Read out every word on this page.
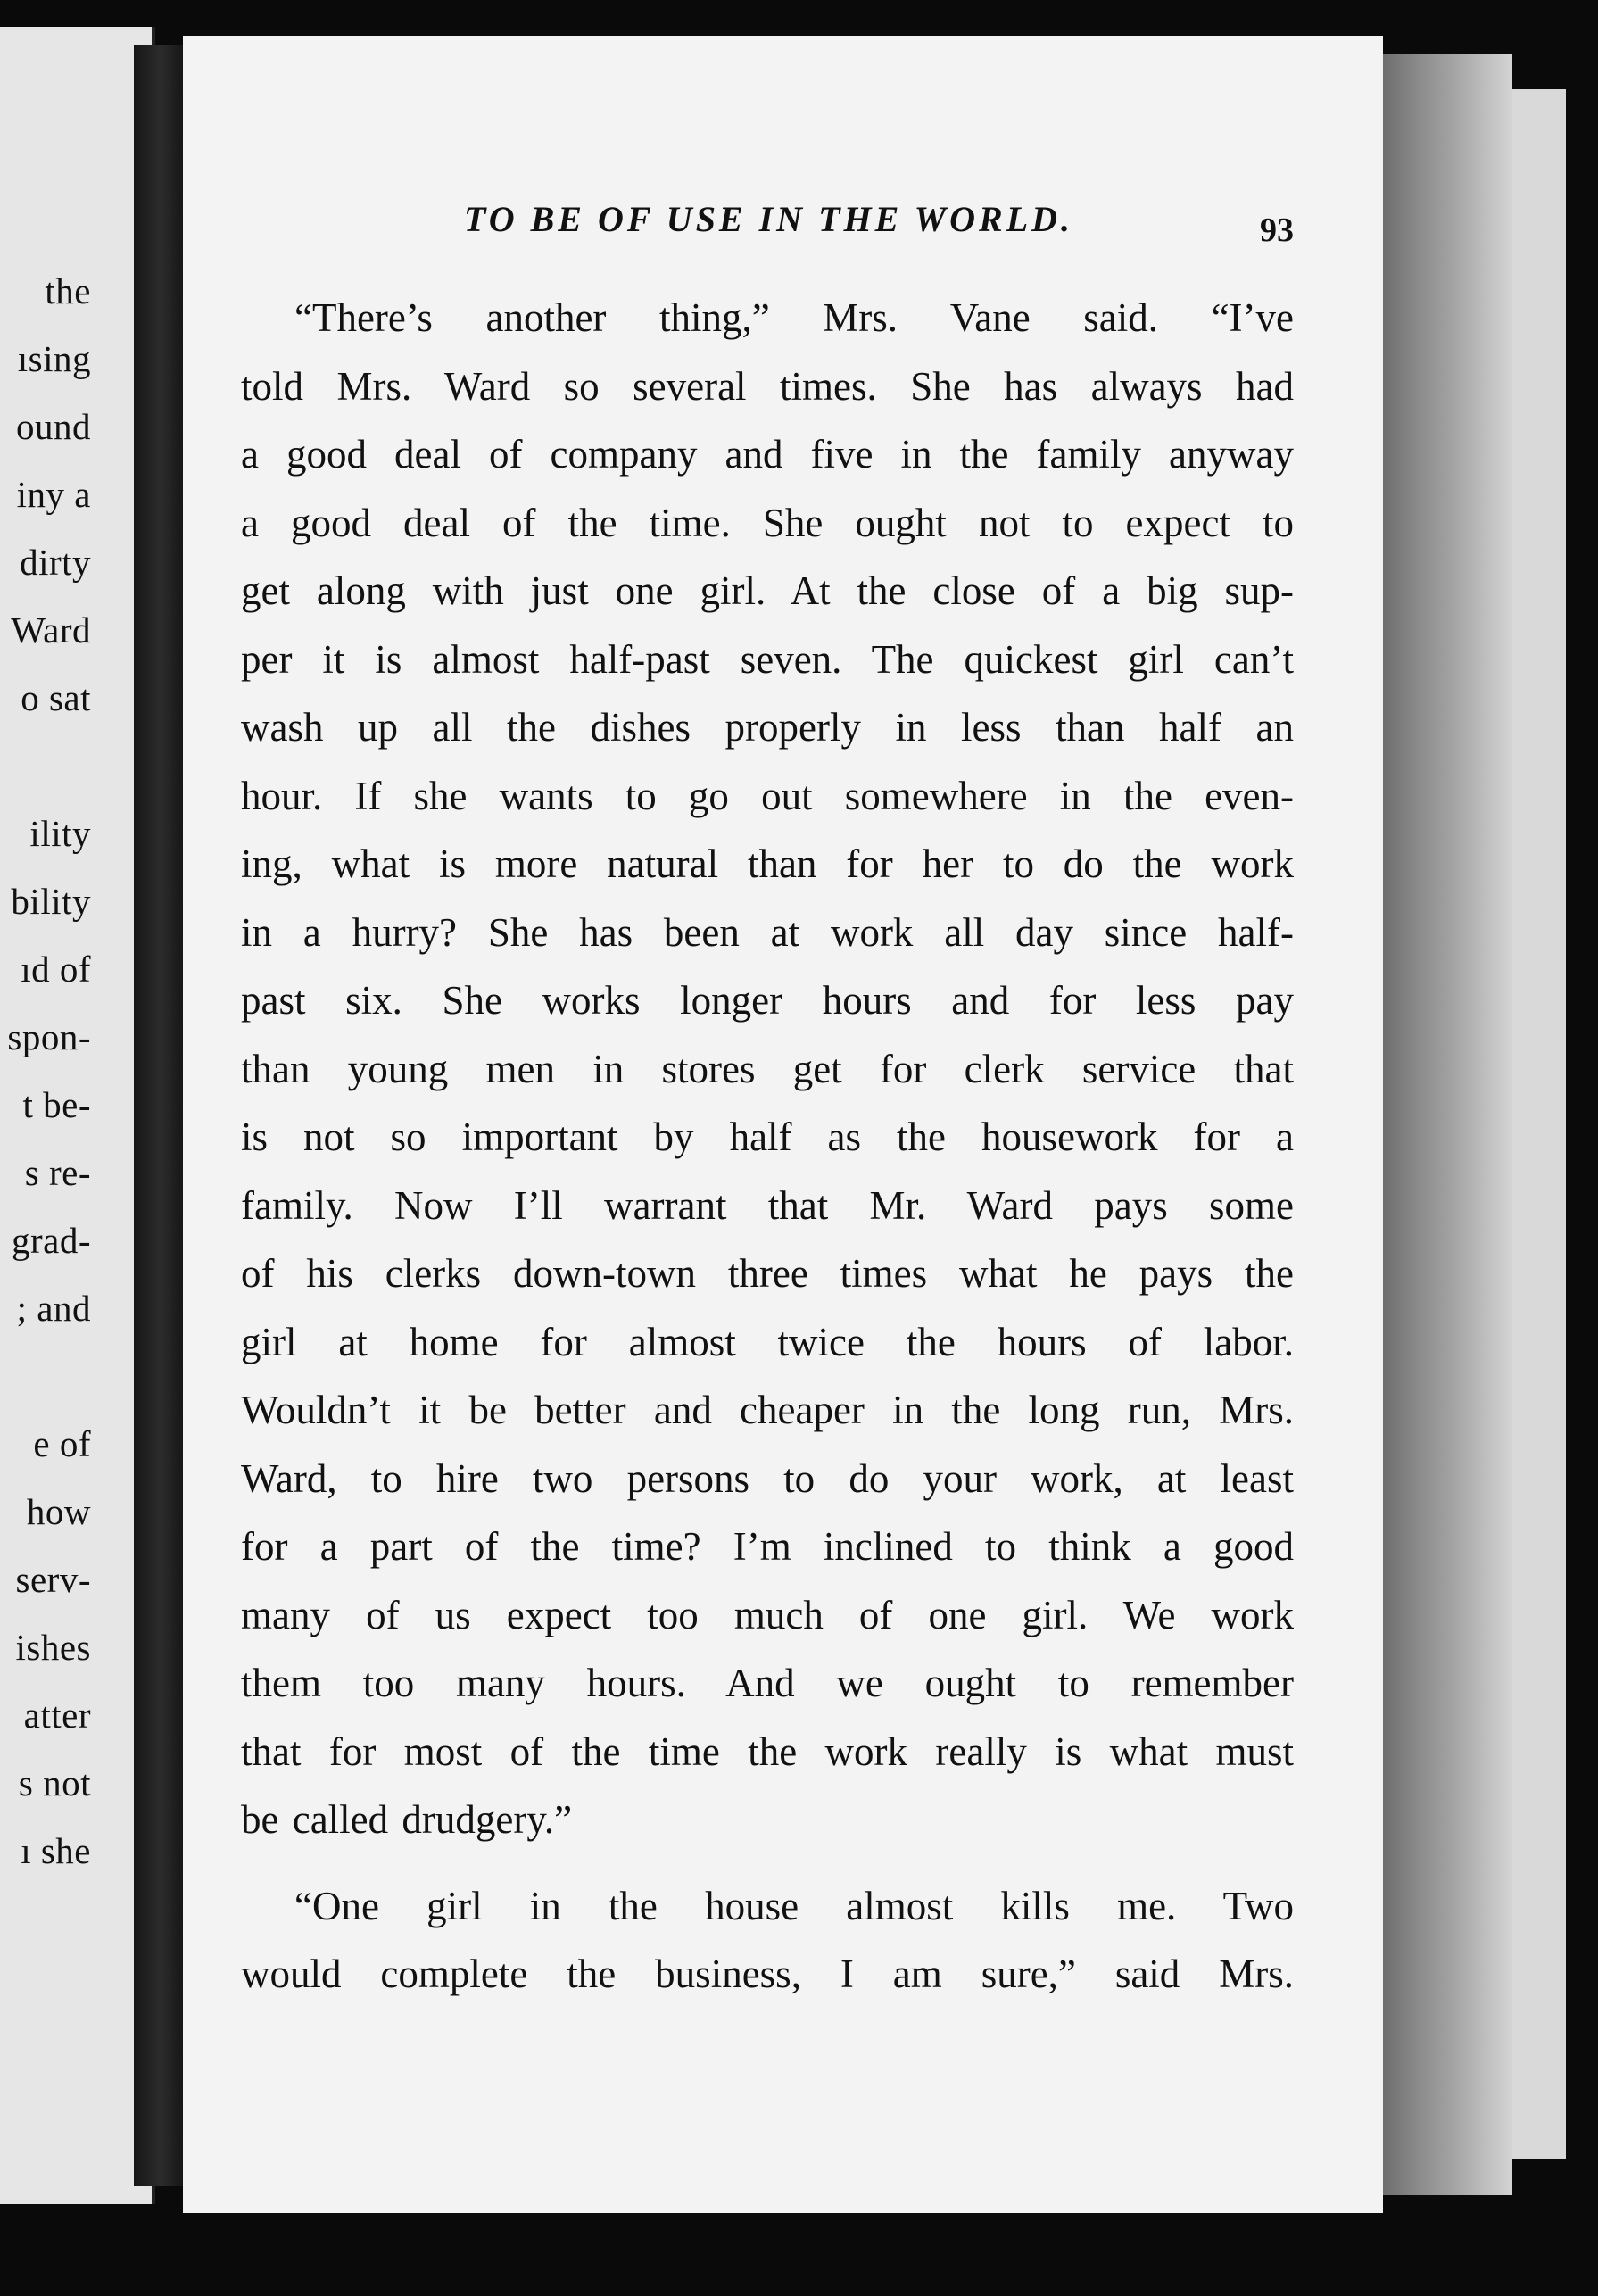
the
ısing
ound
iny a
dirty
Ward
o sat
ility
bility
ıd of
spon-
t be-
s re-
grad-
; and
e of
how
serv-
ishes
atter
s not
ı she
TO BE OF USE IN THE WORLD.	93
“There’s another thing,” Mrs. Vane said. “I’ve
told Mrs. Ward so several times. She has always had
a good deal of company and five in the family anyway
a good deal of the time. She ought not to expect to
get along with just one girl. At the close of a big sup-
per it is almost half-past seven. The quickest girl can’t
wash up all the dishes properly in less than half an
hour. If she wants to go out somewhere in the even-
ing, what is more natural than for her to do the work
in a hurry? She has been at work all day since half-
past six. She works longer hours and for less pay
than young men in stores get for clerk service that
is not so important by half as the housework for a
family. Now I’ll warrant that Mr. Ward pays some
of his clerks down-town three times what he pays the
girl at home for almost twice the hours of labor.
Wouldn’t it be better and cheaper in the long run, Mrs.
Ward, to hire two persons to do your work, at least
for a part of the time? I’m inclined to think a good
many of us expect too much of one girl. We work
them too many hours. And we ought to remember
that for most of the time the work really is what must
be called drudgery.”
“One girl in the house almost kills me. Two
would complete the business, I am sure,” said Mrs.
